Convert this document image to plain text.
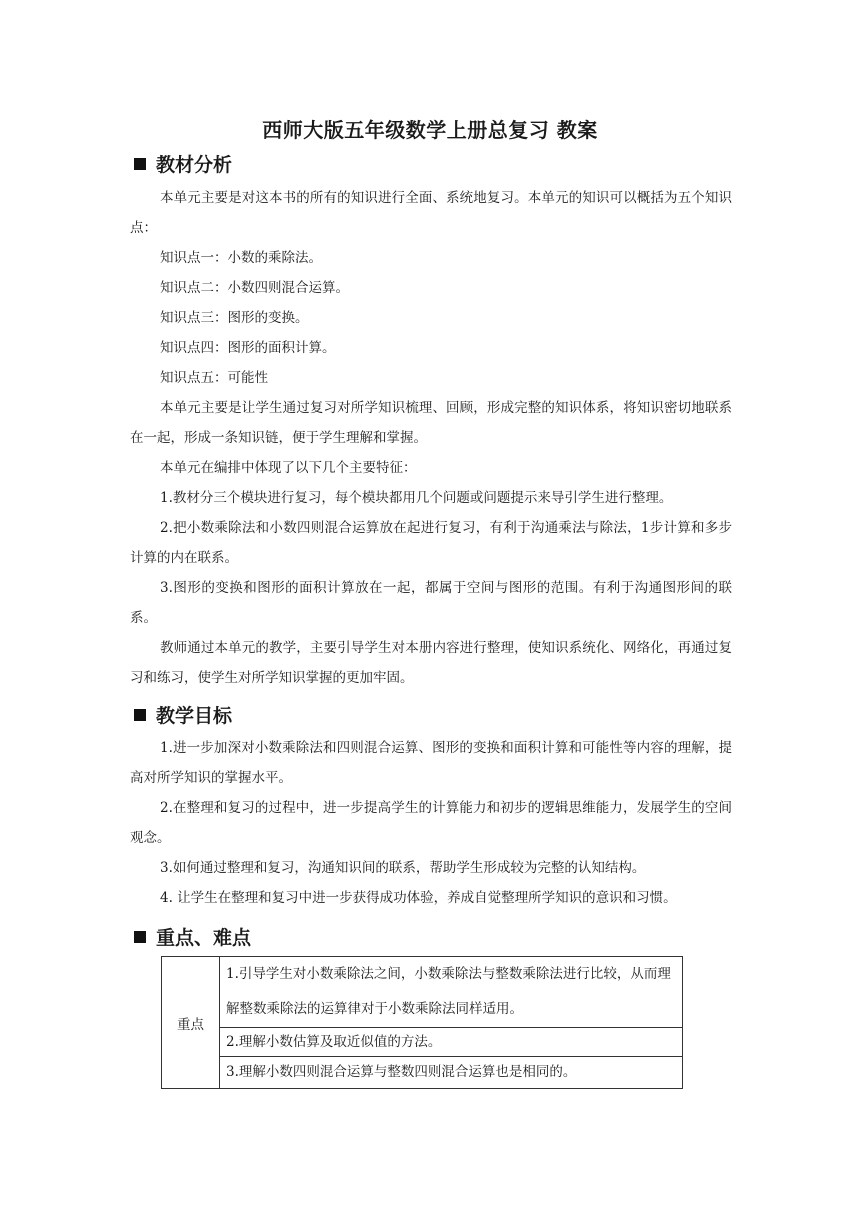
西师大版五年级数学上册总复习 教案
教材分析

本单元主要是对这本书的所有的知识进行全面、系统地复习。本单元的知识可以概括为五个知识点：

知识点一：小数的乘除法。

知识点二：小数四则混合运算。

知识点三：图形的变换。

知识点四：图形的面积计算。

知识点五：可能性

本单元主要是让学生通过复习对所学知识梳理、回顾，形成完整的知识体系，将知识密切地联系在一起，形成一条知识链，便于学生理解和掌握。

本单元在编排中体现了以下几个主要特征：

1.教材分三个模块进行复习，每个模块都用几个问题或问题提示来导引学生进行整理。

2.把小数乘除法和小数四则混合运算放在起进行复习，有利于沟通乘法与除法，1步计算和多步计算的内在联系。

3.图形的变换和图形的面积计算放在一起，都属于空间与图形的范围。有利于沟通图形间的联系。

教师通过本单元的教学，主要引导学生对本册内容进行整理，使知识系统化、网络化，再通过复习和练习，使学生对所学知识掌握的更加牢固。

教学目标

1.进一步加深对小数乘除法和四则混合运算、图形的变换和面积计算和可能性等内容的理解，提高对所学知识的掌握水平。

2.在整理和复习的过程中，进一步提高学生的计算能力和初步的逻辑思维能力，发展学生的空间观念。

3.如何通过整理和复习，沟通知识间的联系，帮助学生形成较为完整的认知结构。

4. 让学生在整理和复习中进一步获得成功体验，养成自觉整理所学知识的意识和习惯。

重点、难点
重点	1.引导学生对小数乘除法之间，小数乘除法与整数乘除法进行比较，从而理解整数乘除法的运算律对于小数乘除法同样适用。
2.理解小数估算及取近似值的方法。
3.理解小数四则混合运算与整数四则混合运算也是相同的。
